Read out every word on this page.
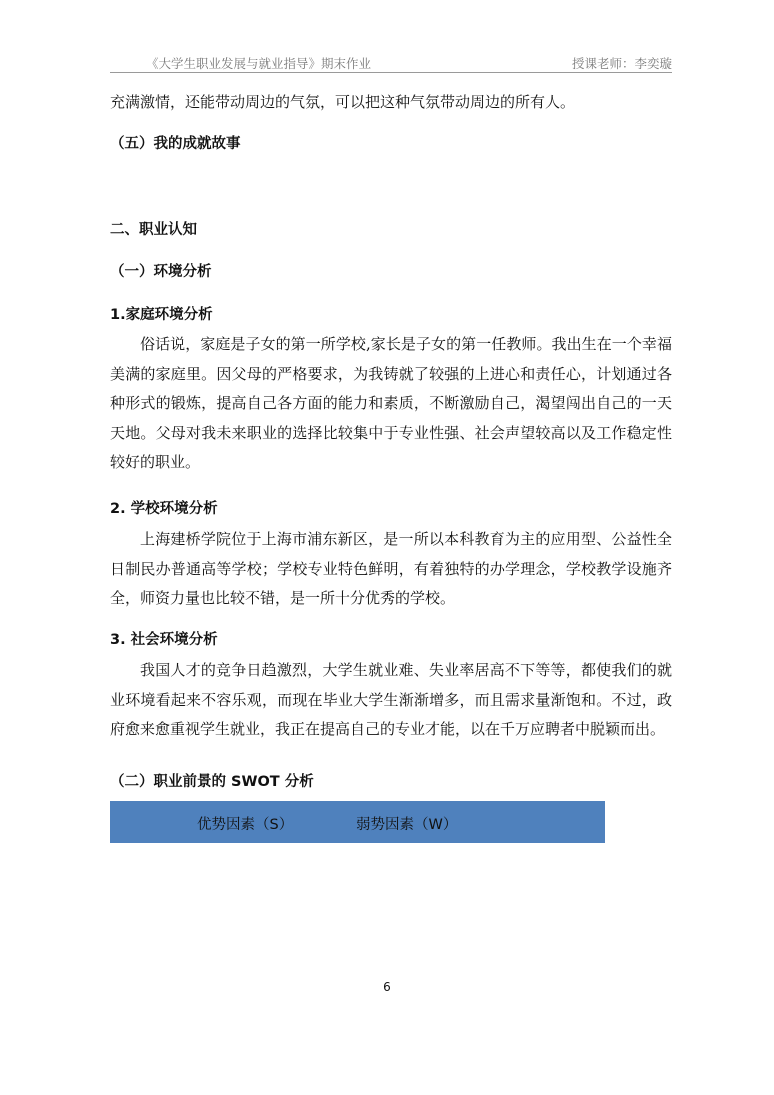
《大学生职业发展与就业指导》期末作业	授课老师：李奕璇
充满激情，还能带动周边的气氛，可以把这种气氛带动周边的所有人。
（五）我的成就故事
二、职业认知
（一）环境分析
1.家庭环境分析
俗话说，家庭是子女的第一所学校,家长是子女的第一任教师。我出生在一个幸福美满的家庭里。因父母的严格要求，为我铸就了较强的上进心和责任心，计划通过各种形式的锻炼，提高自己各方面的能力和素质，不断激励自己，渴望闯出自己的一天天地。父母对我未来职业的选择比较集中于专业性强、社会声望较高以及工作稳定性较好的职业。
2. 学校环境分析
上海建桥学院位于上海市浦东新区，是一所以本科教育为主的应用型、公益性全日制民办普通高等学校；学校专业特色鲜明，有着独特的办学理念，学校教学设施齐全，师资力量也比较不错，是一所十分优秀的学校。
3. 社会环境分析
我国人才的竞争日趋激烈，大学生就业难、失业率居高不下等等，都使我们的就业环境看起来不容乐观，而现在毕业大学生渐渐增多，而且需求量渐饱和。不过，政府愈来愈重视学生就业，我正在提高自己的专业才能，以在千万应聘者中脱颖而出。
（二）职业前景的 SWOT 分析
优势因素（S）	弱势因素（W）
6
